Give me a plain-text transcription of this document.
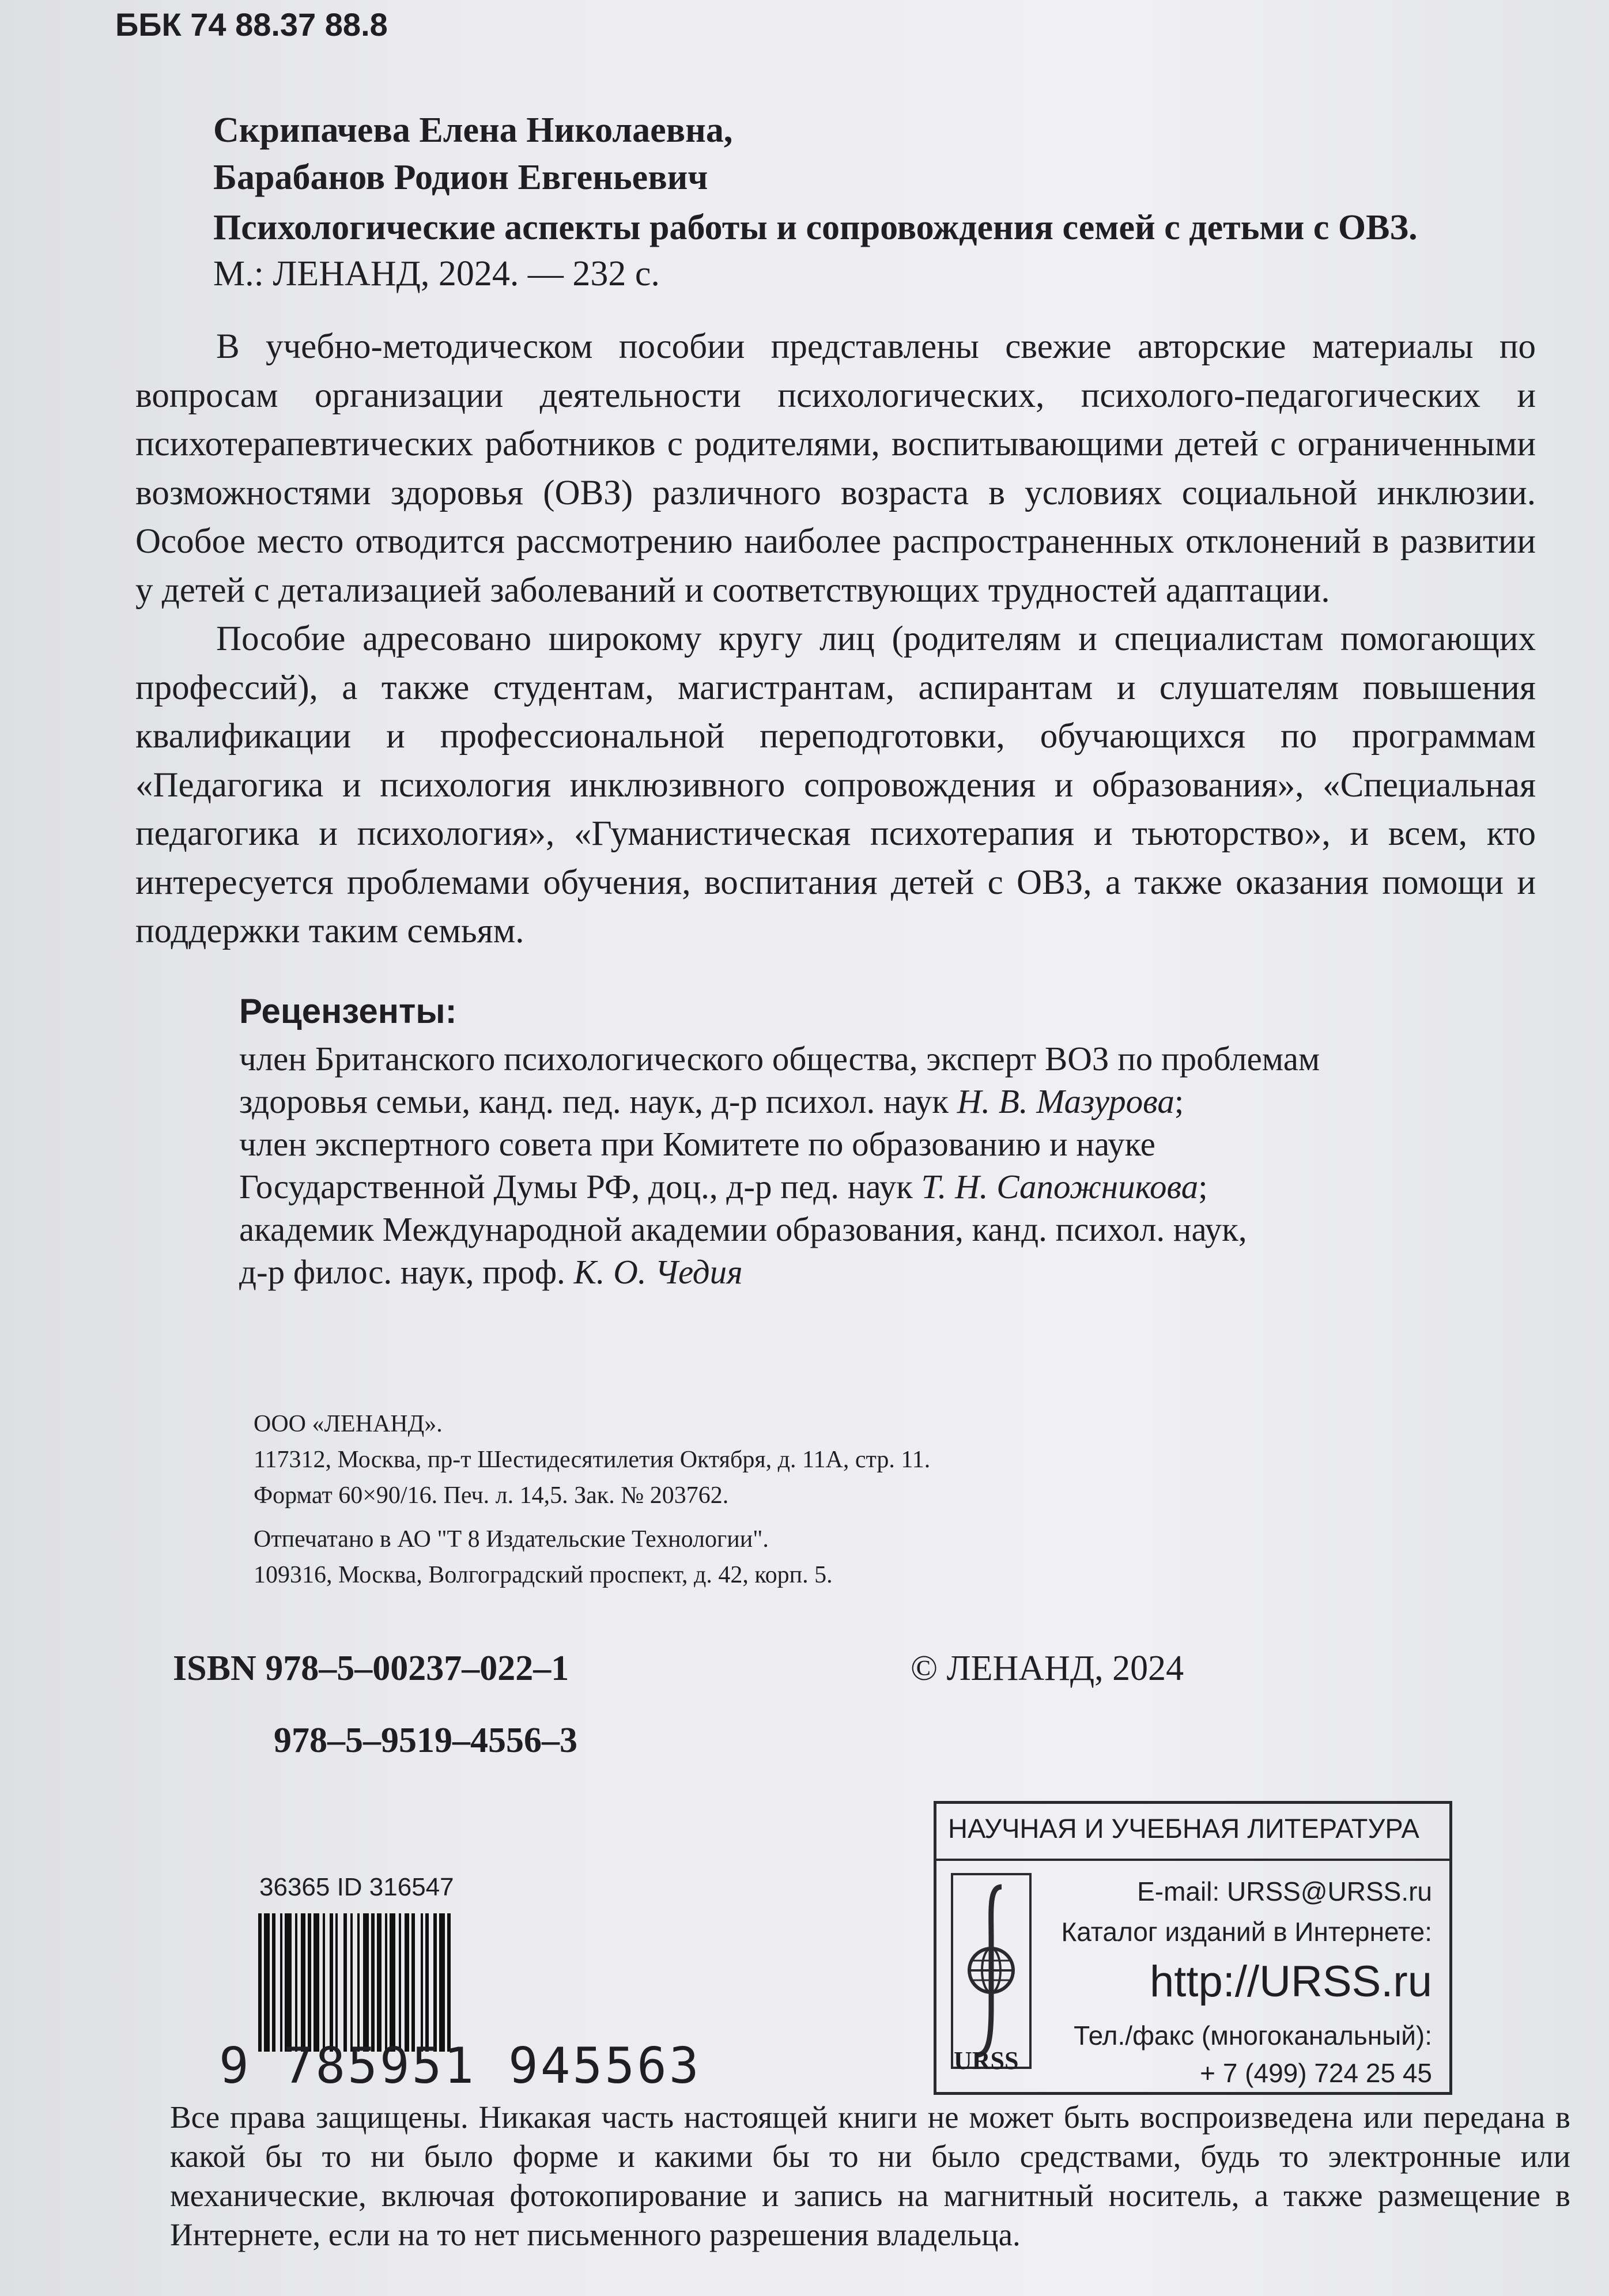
ББК 74 88.37 88.8
Скрипачева Елена Николаевна,
Барабанов Родион Евгеньевич
Психологические аспекты работы и сопровождения семей с детьми с ОВЗ.
М.: ЛЕНАНД, 2024. — 232 с.

В учебно-методическом пособии представлены свежие авторские материалы по вопросам организации деятельности психологических, психолого-педагогических и психотерапевтических работников с родителями, воспитывающими детей с ограниченными возможностями здоровья (ОВЗ) различного возраста в условиях социальной инклюзии. Особое место отводится рассмотрению наиболее распространенных отклонений в развитии у детей с детализацией заболеваний и соответствующих трудностей адаптации.

Пособие адресовано широкому кругу лиц (родителям и специалистам помогающих профессий), а также студентам, магистрантам, аспирантам и слушателям повышения квалификации и профессиональной переподготовки, обучающихся по программам «Педагогика и психология инклюзивного сопровождения и образования», «Специальная педагогика и психология», «Гуманистическая психотерапия и тьюторство», и всем, кто интересуется проблемами обучения, воспитания детей с ОВЗ, а также оказания помощи и поддержки таким семьям.

Рецензенты:
член Британского психологического общества, эксперт ВОЗ по проблемам
здоровья семьи, канд. пед. наук, д-р психол. наук Н. В. Мазурова;
член экспертного совета при Комитете по образованию и науке
Государственной Думы РФ, доц., д-р пед. наук Т. Н. Сапожникова;
академик Международной академии образования, канд. психол. наук,
д-р филос. наук, проф. К. О. Чедия
ООО «ЛЕНАНД».
117312, Москва, пр-т Шестидесятилетия Октября, д. 11А, стр. 11.
Формат 60×90/16. Печ. л. 14,5. Зак. № 203762.
Отпечатано в АО "Т 8 Издательские Технологии".
109316, Москва, Волгоградский проспект, д. 42, корп. 5.
ISBN 978–5–00237–022–1
978–5–9519–4556–3
© ЛЕНАНД, 2024
36365 ID 316547
9 785951 945563
НАУЧНАЯ И УЧЕБНАЯ ЛИТЕРАТУРА
URSS
E-mail: URSS@URSS.ru
Каталог изданий в Интернете:
http://URSS.ru
Тел./факс (многоканальный):
+ 7 (499) 724 25 45
Все права защищены. Никакая часть настоящей книги не может быть воспроизведена или передана в какой бы то ни было форме и какими бы то ни было средствами, будь то электронные или механические, включая фотокопирование и запись на магнитный носитель, а также размещение в Интернете, если на то нет письменного разрешения владельца.
